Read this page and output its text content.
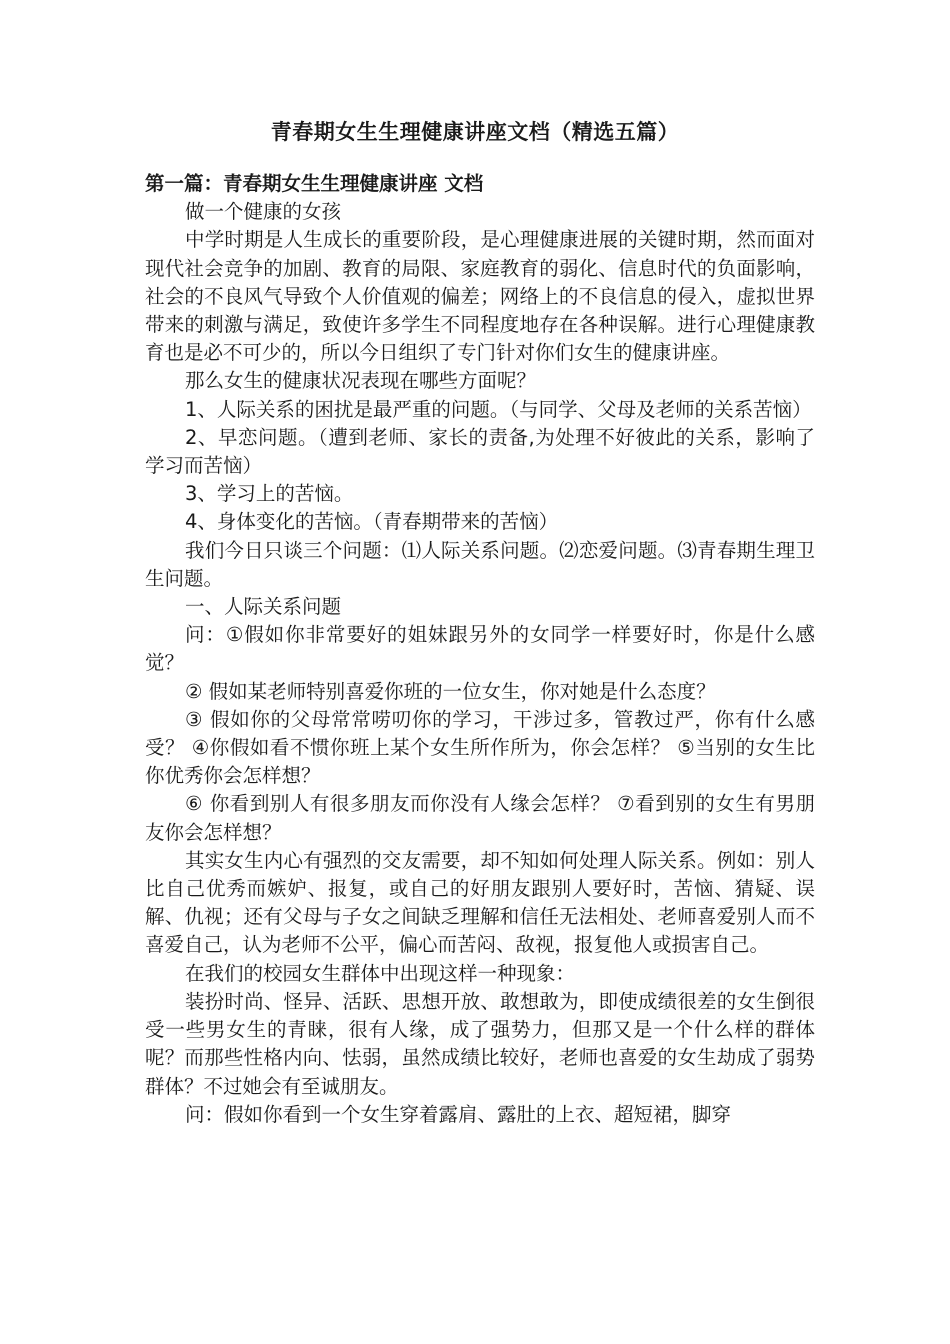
青春期女生生理健康讲座文档（精选五篇）

第一篇：青春期女生生理健康讲座 文档

做一个健康的女孩

中学时期是人生成长的重要阶段，是心理健康进展的关键时期，然而面对现代社会竞争的加剧、教育的局限、家庭教育的弱化、信息时代的负面影响，社会的不良风气导致个人价值观的偏差；网络上的不良信息的侵入，虚拟世界带来的刺激与满足，致使许多学生不同程度地存在各种误解。进行心理健康教育也是必不可少的，所以今日组织了专门针对你们女生的健康讲座。

那么女生的健康状况表现在哪些方面呢？

1、人际关系的困扰是最严重的问题。（与同学、父母及老师的关系苦恼）

2、早恋问题。（遭到老师、家长的责备,为处理不好彼此的关系，影响了学习而苦恼）

3、学习上的苦恼。

4、身体变化的苦恼。（青春期带来的苦恼）

我们今日只谈三个问题：⑴人际关系问题。⑵恋爱问题。⑶青春期生理卫生问题。

一、人际关系问题

问：①假如你非常要好的姐妹跟另外的女同学一样要好时，你是什么感觉？

② 假如某老师特别喜爱你班的一位女生，你对她是什么态度？

③ 假如你的父母常常唠叨你的学习，干涉过多，管教过严，你有什么感受？ ④你假如看不惯你班上某个女生所作所为，你会怎样？ ⑤当别的女生比你优秀你会怎样想？

⑥ 你看到别人有很多朋友而你没有人缘会怎样？ ⑦看到别的女生有男朋友你会怎样想？

其实女生内心有强烈的交友需要，却不知如何处理人际关系。例如：别人比自己优秀而嫉妒、报复，或自己的好朋友跟别人要好时，苦恼、猜疑、误解、仇视；还有父母与子女之间缺乏理解和信任无法相处、老师喜爱别人而不喜爱自己，认为老师不公平，偏心而苦闷、敌视，报复他人或损害自己。

在我们的校园女生群体中出现这样一种现象：

装扮时尚、怪异、活跃、思想开放、敢想敢为，即使成绩很差的女生倒很受一些男女生的青睐，很有人缘，成了强势力，但那又是一个什么样的群体呢？而那些性格内向、怯弱，虽然成绩比较好，老师也喜爱的女生劫成了弱势群体？不过她会有至诚朋友。

问：假如你看到一个女生穿着露肩、露肚的上衣、超短裙，脚穿
